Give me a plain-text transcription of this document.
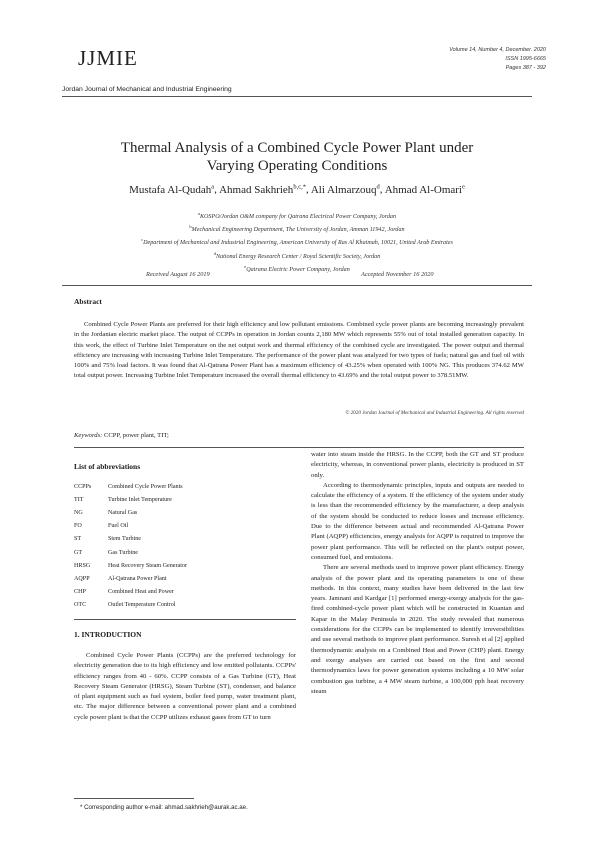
JJMIE	Volume 14, Number 4, December. 2020
ISSN 1995-6665
Pages 387 - 392
Jordan Journal of Mechanical and Industrial Engineering
Thermal Analysis of a Combined Cycle Power Plant under
Varying Operating Conditions
Mustafa Al-Qudah$^a$, Ahmad Sakhrieh$^{b,c,*}$, Ali Almarzouq$^d$, Ahmad Al-Omari$^e$
$^a$KOSPO/Jordan O&M company for Qatrana Electrical Power Company, Jordan
$^b$Mechanical Engineering Department, The University of Jordan, Amman 11942, Jordan
$^c$Department of Mechanical and Industrial Engineering, American University of Ras Al Khaimah, 10021, United Arab Emirates
$^d$National Energy Research Center / Royal Scientific Society, Jordan
$^e$Qatrana Electric Power Company, Jordan
Received August 16 2019	Accepted November 16 2020
Abstract
Combined Cycle Power Plants are preferred for their high efficiency and low pollutant emissions. Combined cycle power plants are becoming increasingly prevalent in the Jordanian electric market place. The output of CCPPs in operation in Jordan counts 2,180 MW which represents 55% out of total installed generation capacity. In this work, the effect of Turbine Inlet Temperature on the net output work and thermal efficiency of the combined cycle are investigated. The power output and thermal efficiency are increasing with increasing Turbine Inlet Temperature. The performance of the power plant was analyzed for two types of fuels; natural gas and fuel oil with 100% and 75% load factors. It was found that Al-Qatrana Power Plant has a maximum efficiency of 43.25% when operated with 100% NG. This produces 374.62 MW total output power. Increasing Turbine Inlet Temperature increased the overall thermal efficiency to 43.69% and the total output power to 378.51MW.
© 2020 Jordan Journal of Mechanical and Industrial Engineering. All rights reserved
Keywords: CCPP, power plant, TIT;
List of abbreviations
CCPPs	Combined Cycle Power Plants
TIT	Turbine Inlet Temperature
NG	Natural Gas
FO	Fuel Oil
ST	Stem Turbine
GT	Gas Turbine
HRSG	Heat Recovery Steam Generator
AQPP	Al-Qatrana Power Plant
CHP	Combined Heat and Power
OTC	Outlet Temperature Control
1. INTRODUCTION

Combined Cycle Power Plants (CCPPs) are the preferred technology for electricity generation due to its high efficiency and low emitted pollutants. CCPPs' efficiency ranges from 40 - 60%. CCPP consists of a Gas Turbine (GT), Heat Recovery Steam Generator (HRSG), Steam Turbine (ST), condenser, and balance of plant equipment such as fuel system, boiler feed pump, water treatment plant, etc. The major difference between a conventional power plant and a combined cycle power plant is that the CCPP utilizes exhaust gases from GT to turn

water into steam inside the HRSG. In the CCPP, both the GT and ST produce electricity, whereas, in conventional power plants, electricity is produced in ST only.

According to thermodynamic principles, inputs and outputs are needed to calculate the efficiency of a system. If the efficiency of the system under study is less than the recommended efficiency by the manufacturer, a deep analysis of the system should be conducted to reduce losses and increase efficiency. Due to the difference between actual and recommended Al-Qatrana Power Plant (AQPP) efficiencies, energy analysis for AQPP is required to improve the power plant performance. This will be reflected on the plant's output power, consumed fuel, and emissions.

There are several methods used to improve power plant efficiency. Energy analysis of the power plant and its operating parameters is one of these methods. In this context, many studies have been delivered in the last few years. Jamnani and Kardgar [1] performed energy-exergy analysis for the gas-fired combined-cycle power plant which will be constructed in Kuantan and Kapar in the Malay Peninsula in 2020. The study revealed that numerous considerations for the CCPPs can be implemented to identify irreversibilities and use several methods to improve plant performance. Suresh et al [2] applied thermodynamic analysis on a Combined Heat and Power (CHP) plant. Energy and exergy analyses are carried out based on the first and second thermodynamics laws for power generation systems including a 10 MW solar combustion gas turbine, a 4 MW steam turbine, a 100,000 pph heat recovery steam

* Corresponding author e-mail: ahmad.sakhrieh@aurak.ac.ae.
